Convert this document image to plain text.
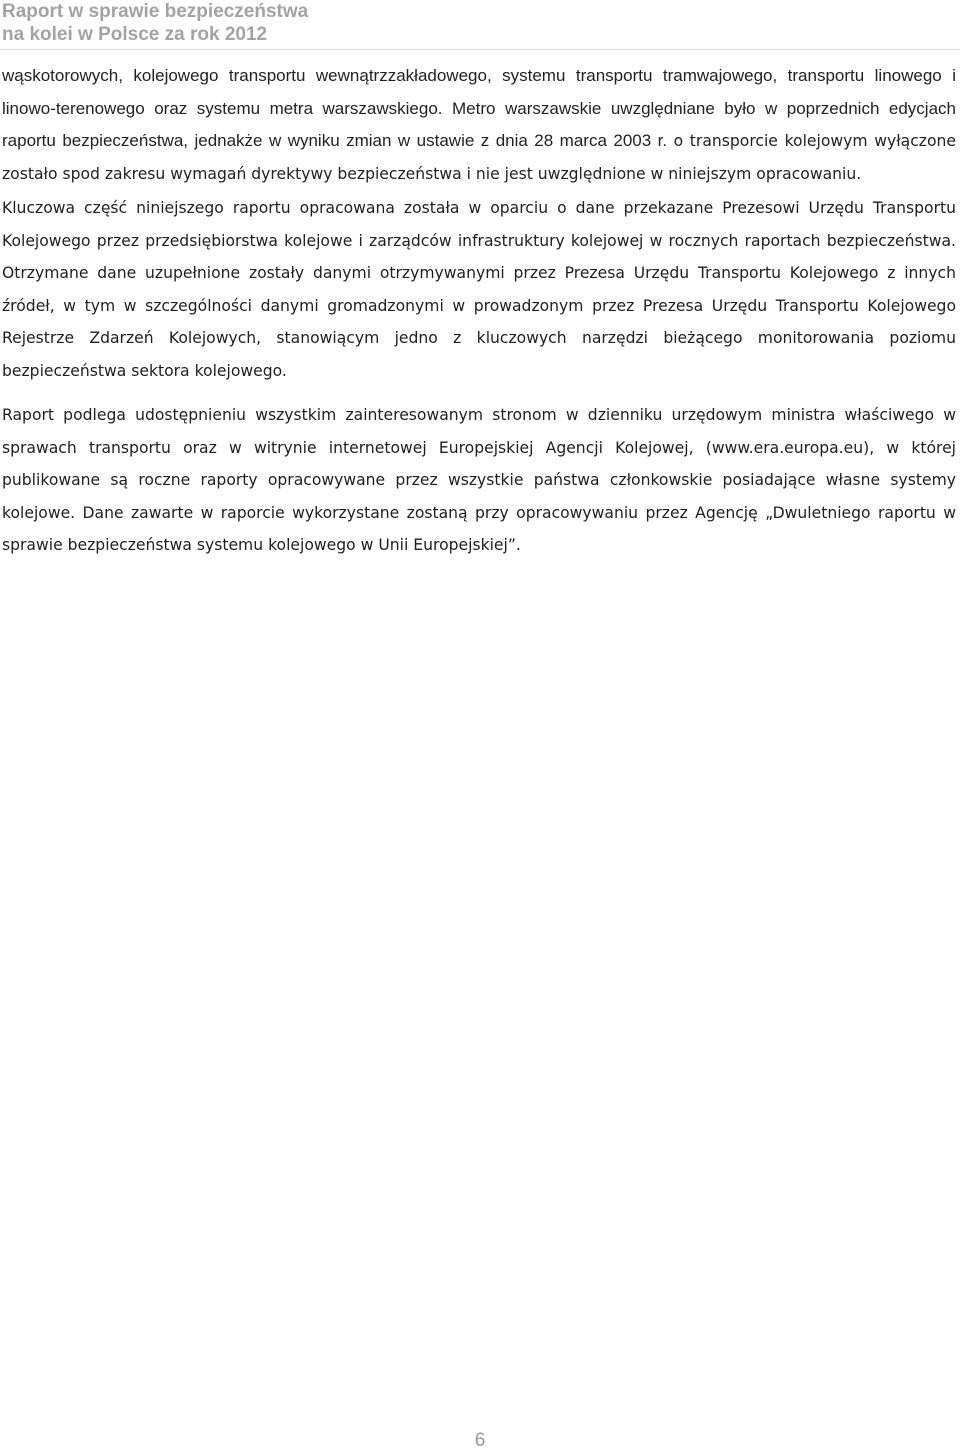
Raport w sprawie bezpieczeństwa
na kolei w Polsce za rok 2012

wąskotorowych, kolejowego transportu wewnątrzzakładowego, systemu transportu tramwajowego, transportu linowego i linowo-terenowego oraz systemu metra warszawskiego. Metro warszawskie uwzględniane było w poprzednich edycjach raportu bezpieczeństwa, jednakże w wyniku zmian w ustawie z dnia 28 marca 2003 r. o transporcie kolejowym wyłączone zostało spod zakresu wymagań dyrektywy bezpieczeństwa i nie jest uwzględnione w niniejszym opracowaniu.

Kluczowa część niniejszego raportu opracowana została w oparciu o dane przekazane Prezesowi Urzędu Transportu Kolejowego przez przedsiębiorstwa kolejowe i zarządców infrastruktury kolejowej w rocznych raportach bezpieczeństwa. Otrzymane dane uzupełnione zostały danymi otrzymywanymi przez Prezesa Urzędu Transportu Kolejowego z innych źródeł, w tym w szczególności danymi gromadzonymi w prowadzonym przez Prezesa Urzędu Transportu Kolejowego Rejestrze Zdarzeń Kolejowych, stanowiącym jedno z kluczowych narzędzi bieżącego monitorowania poziomu bezpieczeństwa sektora kolejowego.

Raport podlega udostępnieniu wszystkim zainteresowanym stronom w dzienniku urzędowym ministra właściwego w sprawach transportu oraz w witrynie internetowej Europejskiej Agencji Kolejowej, (www.era.europa.eu), w której publikowane są roczne raporty opracowywane przez wszystkie państwa członkowskie posiadające własne systemy kolejowe. Dane zawarte w raporcie wykorzystane zostaną przy opracowywaniu przez Agencję „Dwuletniego raportu w sprawie bezpieczeństwa systemu kolejowego w Unii Europejskiej”.

6
